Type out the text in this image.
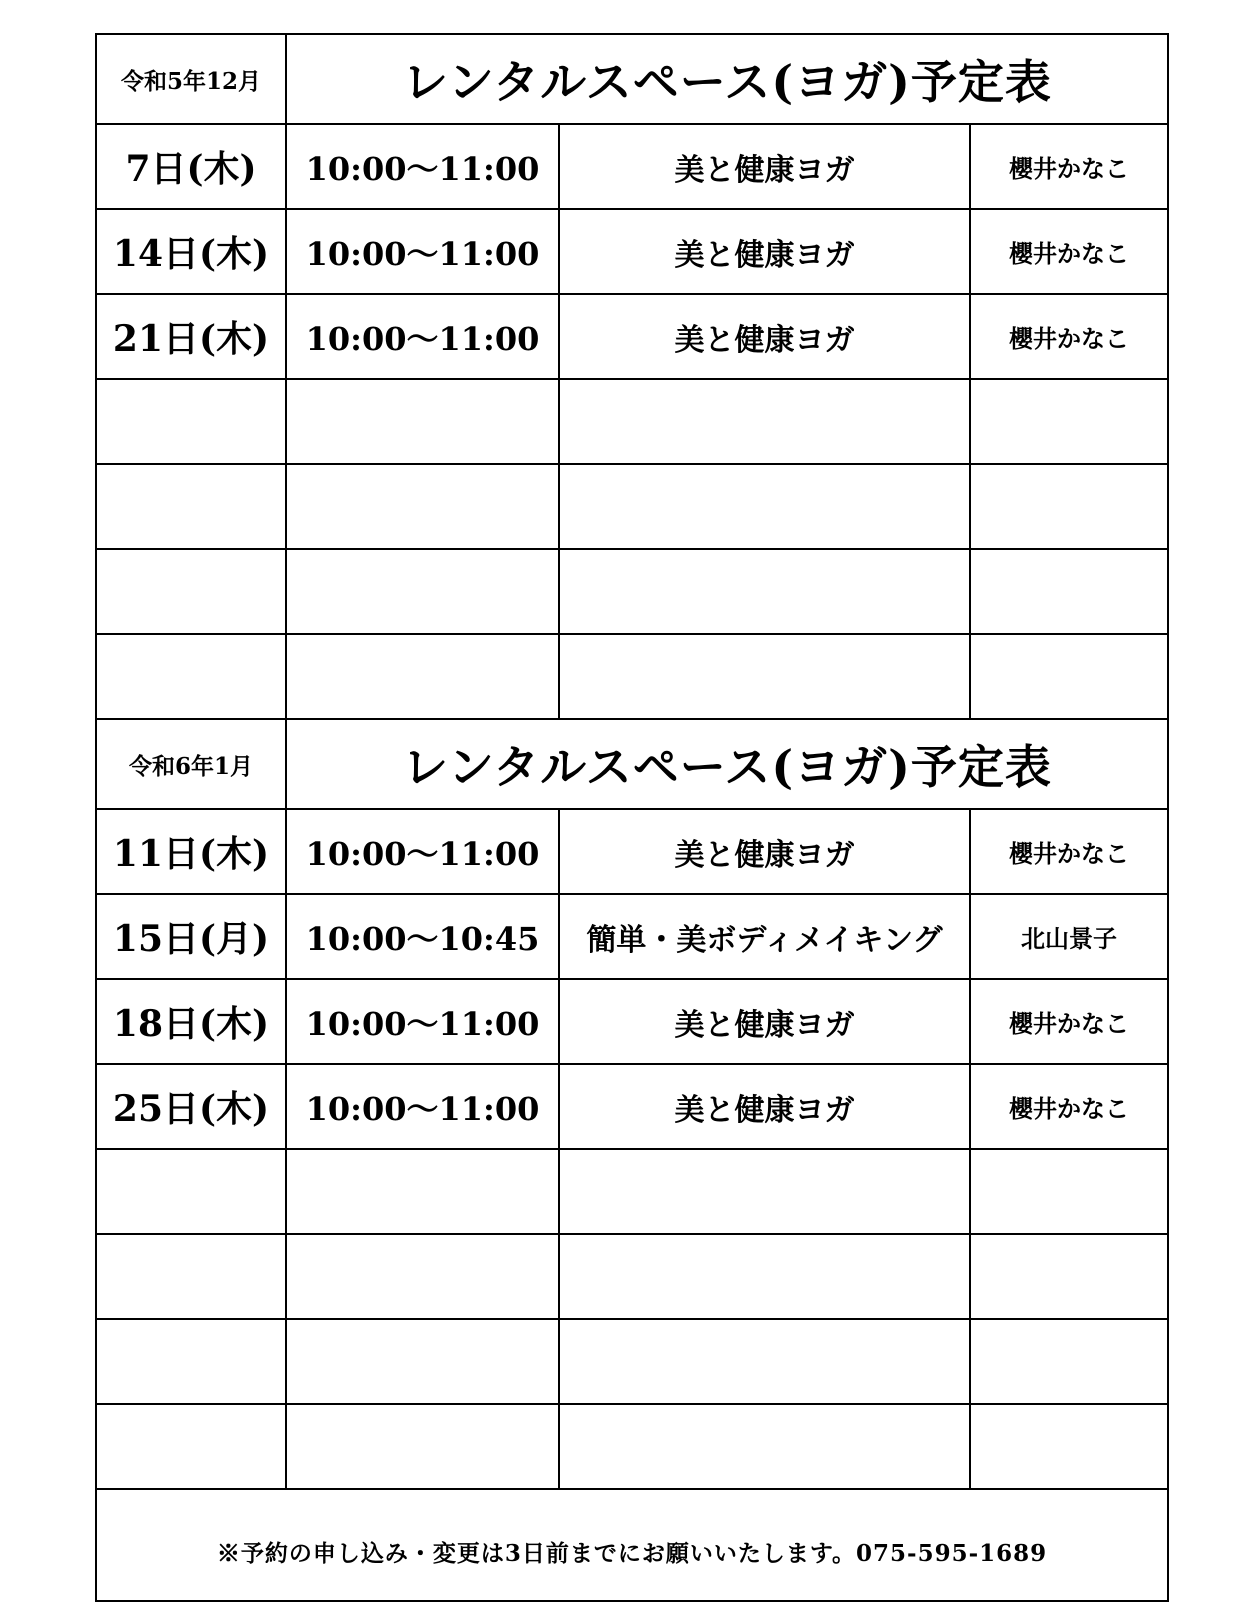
令和5年12月	レンタルスペース(ヨガ)予定表		
7日(木)	10:00〜11:00	美と健康ヨガ	櫻井かなこ
14日(木)	10:00〜11:00	美と健康ヨガ	櫻井かなこ
21日(木)	10:00〜11:00	美と健康ヨガ	櫻井かなこ

令和6年1月	レンタルスペース(ヨガ)予定表		
11日(木)	10:00〜11:00	美と健康ヨガ	櫻井かなこ
15日(月)	10:00〜10:45	簡単・美ボディメイキング	北山景子
18日(木)	10:00〜11:00	美と健康ヨガ	櫻井かなこ
25日(木)	10:00〜11:00	美と健康ヨガ	櫻井かなこ

※予約の申し込み・変更は3日前までにお願いいたします。075-595-1689			
